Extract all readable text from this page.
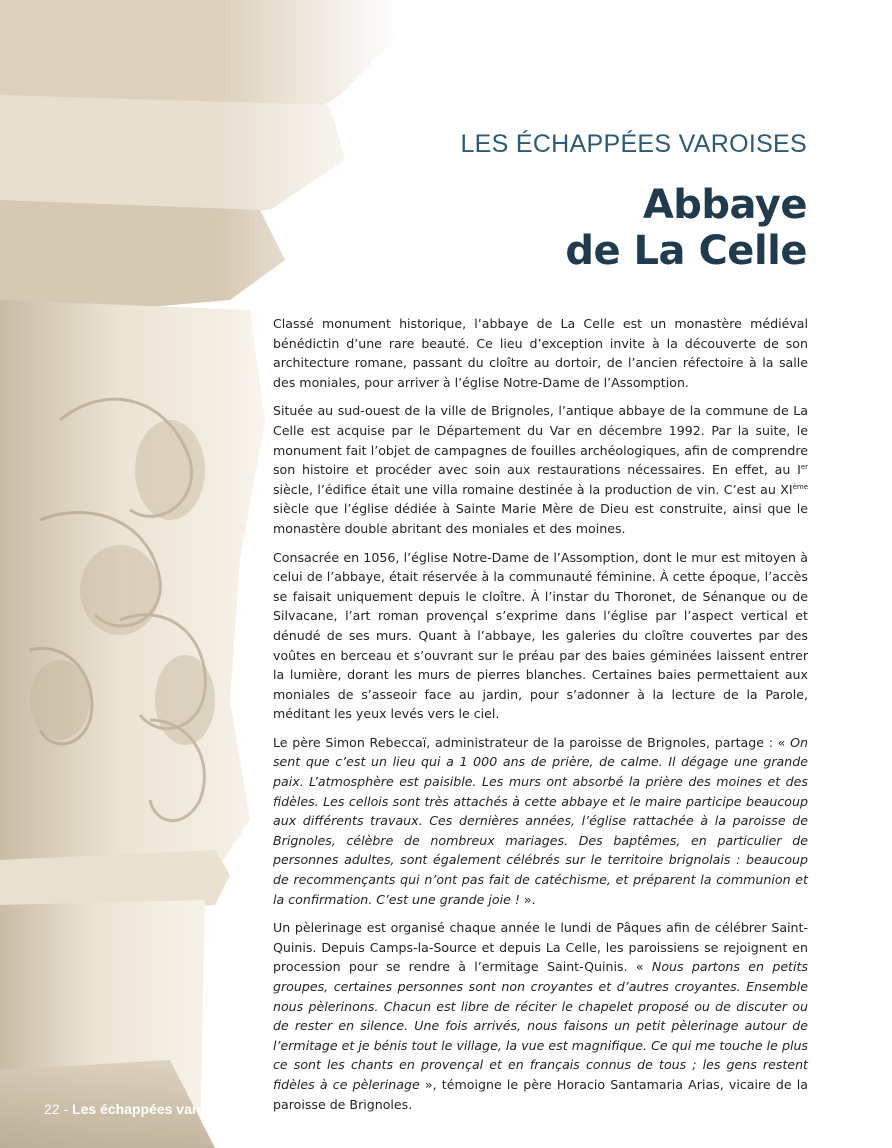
LES ÉCHAPPÉES VAROISES
Abbaye
de La Celle

Classé monument historique, l’abbaye de La Celle est un monastère médiéval bénédictin d’une rare beauté. Ce lieu d’exception invite à la découverte de son architecture romane, passant du cloître au dortoir, de l’ancien réfectoire à la salle des moniales, pour arriver à l’église Notre-Dame de l’Assomption.

Située au sud-ouest de la ville de Brignoles, l’antique abbaye de la commune de La Celle est acquise par le Département du Var en décembre 1992. Par la suite, le monument fait l’objet de campagnes de fouilles archéologiques, afin de comprendre son histoire et procéder avec soin aux restaurations nécessaires. En effet, au Ier siècle, l’édifice était une villa romaine destinée à la production de vin. C’est au XIème siècle que l’église dédiée à Sainte Marie Mère de Dieu est construite, ainsi que le monastère double abritant des moniales et des moines.

Consacrée en 1056, l’église Notre-Dame de l’Assomption, dont le mur est mitoyen à celui de l’abbaye, était réservée à la communauté féminine. À cette époque, l’accès se faisait uniquement depuis le cloître. À l’instar du Thoronet, de Sénanque ou de Silvacane, l’art roman provençal s’exprime dans l’église par l’aspect vertical et dénudé de ses murs. Quant à l’abbaye, les galeries du cloître couvertes par des voûtes en berceau et s’ouvrant sur le préau par des baies géminées laissent entrer la lumière, dorant les murs de pierres blanches. Certaines baies permettaient aux moniales de s’asseoir face au jardin, pour s’adonner à la lecture de la Parole, méditant les yeux levés vers le ciel.

Le père Simon Rebeccaï, administrateur de la paroisse de Brignoles, partage : « On sent que c’est un lieu qui a 1 000 ans de prière, de calme. Il dégage une grande paix. L’atmosphère est paisible. Les murs ont absorbé la prière des moines et des fidèles. Les cellois sont très attachés à cette abbaye et le maire participe beaucoup aux différents travaux. Ces dernières années, l’église rattachée à la paroisse de Brignoles, célèbre de nombreux mariages. Des baptêmes, en particulier de personnes adultes, sont également célébrés sur le territoire brignolais : beaucoup de recommençants qui n’ont pas fait de catéchisme, et préparent la communion et la confirmation. C’est une grande joie ! ».

Un pèlerinage est organisé chaque année le lundi de Pâques afin de célébrer Saint-Quinis. Depuis Camps-la-Source et depuis La Celle, les paroissiens se rejoignent en procession pour se rendre à l’ermitage Saint-Quinis. « Nous partons en petits groupes, certaines personnes sont non croyantes et d’autres croyantes. Ensemble nous pèlerinons. Chacun est libre de réciter le chapelet proposé ou de discuter ou de rester en silence. Une fois arrivés, nous faisons un petit pèlerinage autour de l’ermitage et je bénis tout le village, la vue est magnifique. Ce qui me touche le plus ce sont les chants en provençal et en français connus de tous ; les gens restent fidèles à ce pèlerinage », témoigne le père Horacio Santamaria Arias, vicaire de la paroisse de Brignoles.

22 - Les échappées varoises
